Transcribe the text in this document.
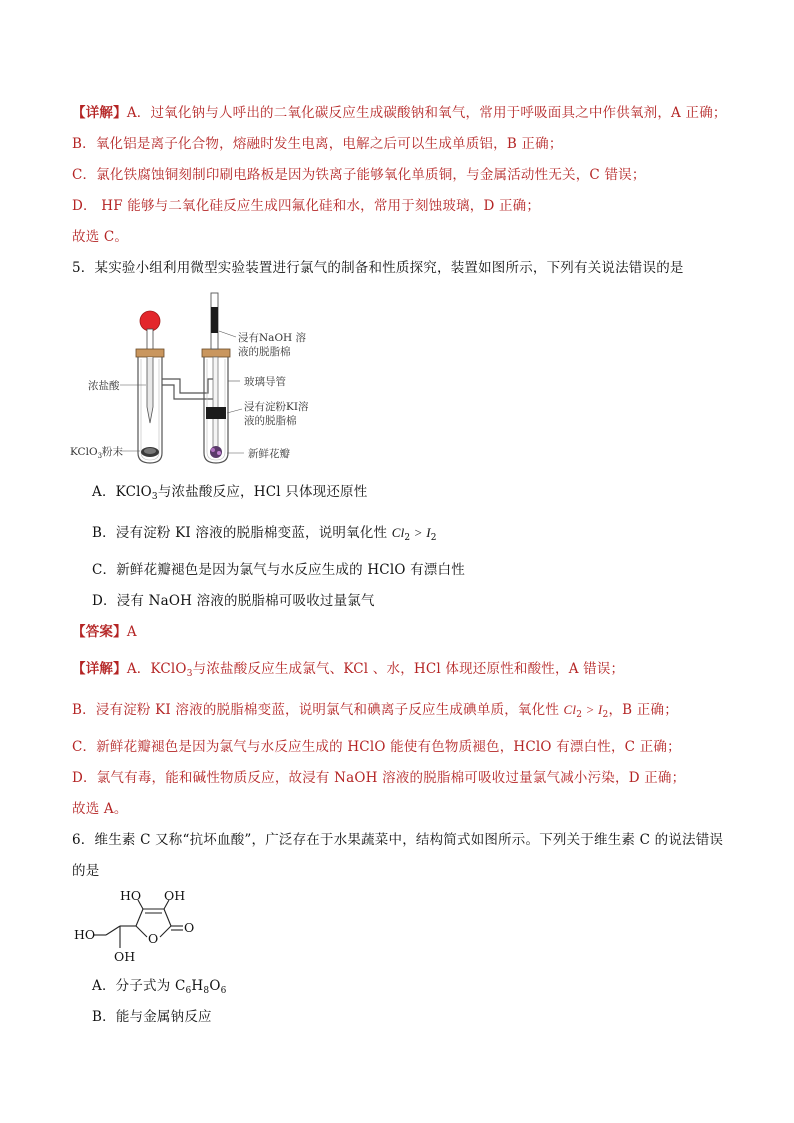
【详解】A．过氧化钠与人呼出的二氧化碳反应生成碳酸钠和氧气，常用于呼吸面具之中作供氧剂，A 正确；
B．氧化铝是离子化合物，熔融时发生电离，电解之后可以生成单质铝，B 正确；
C．氯化铁腐蚀铜刻制印刷电路板是因为铁离子能够氧化单质铜，与金属活动性无关，C 错误；
D． HF 能够与二氧化硅反应生成四氟化硅和水，常用于刻蚀玻璃，D 正确；
故选 C。
5．某实验小组利用微型实验装置进行氯气的制备和性质探究，装置如图所示，下列有关说法错误的是
浓盐酸
KClO$_3$粉末
浸有NaOH 溶
液的脱脂棉
玻璃导管
浸有淀粉KI溶
液的脱脂棉
新鲜花瓣
A．KClO$_3$与浓盐酸反应，HCl 只体现还原性
B．浸有淀粉 KI 溶液的脱脂棉变蓝，说明氧化性 $Cl_2 > I_2$
C．新鲜花瓣褪色是因为氯气与水反应生成的 HClO 有漂白性
D．浸有 NaOH 溶液的脱脂棉可吸收过量氯气
【答案】A
【详解】A．KClO$_3$与浓盐酸反应生成氯气、KCl 、水，HCl 体现还原性和酸性，A 错误；
B．浸有淀粉 KI 溶液的脱脂棉变蓝，说明氯气和碘离子反应生成碘单质，氧化性 $Cl_2 > I_2$，B 正确；
C．新鲜花瓣褪色是因为氯气与水反应生成的 HClO 能使有色物质褪色，HClO 有漂白性，C 正确；
D．氯气有毒，能和碱性物质反应，故浸有 NaOH 溶液的脱脂棉可吸收过量氯气减小污染，D 正确；
故选 A。
6．维生素 C 又称“抗坏血酸”，广泛存在于水果蔬菜中，结构简式如图所示。下列关于维生素 C 的说法错误
的是
HO OH
HO
OH
O
O
A．分子式为 $C_6H_8O_6$
B．能与金属钠反应
